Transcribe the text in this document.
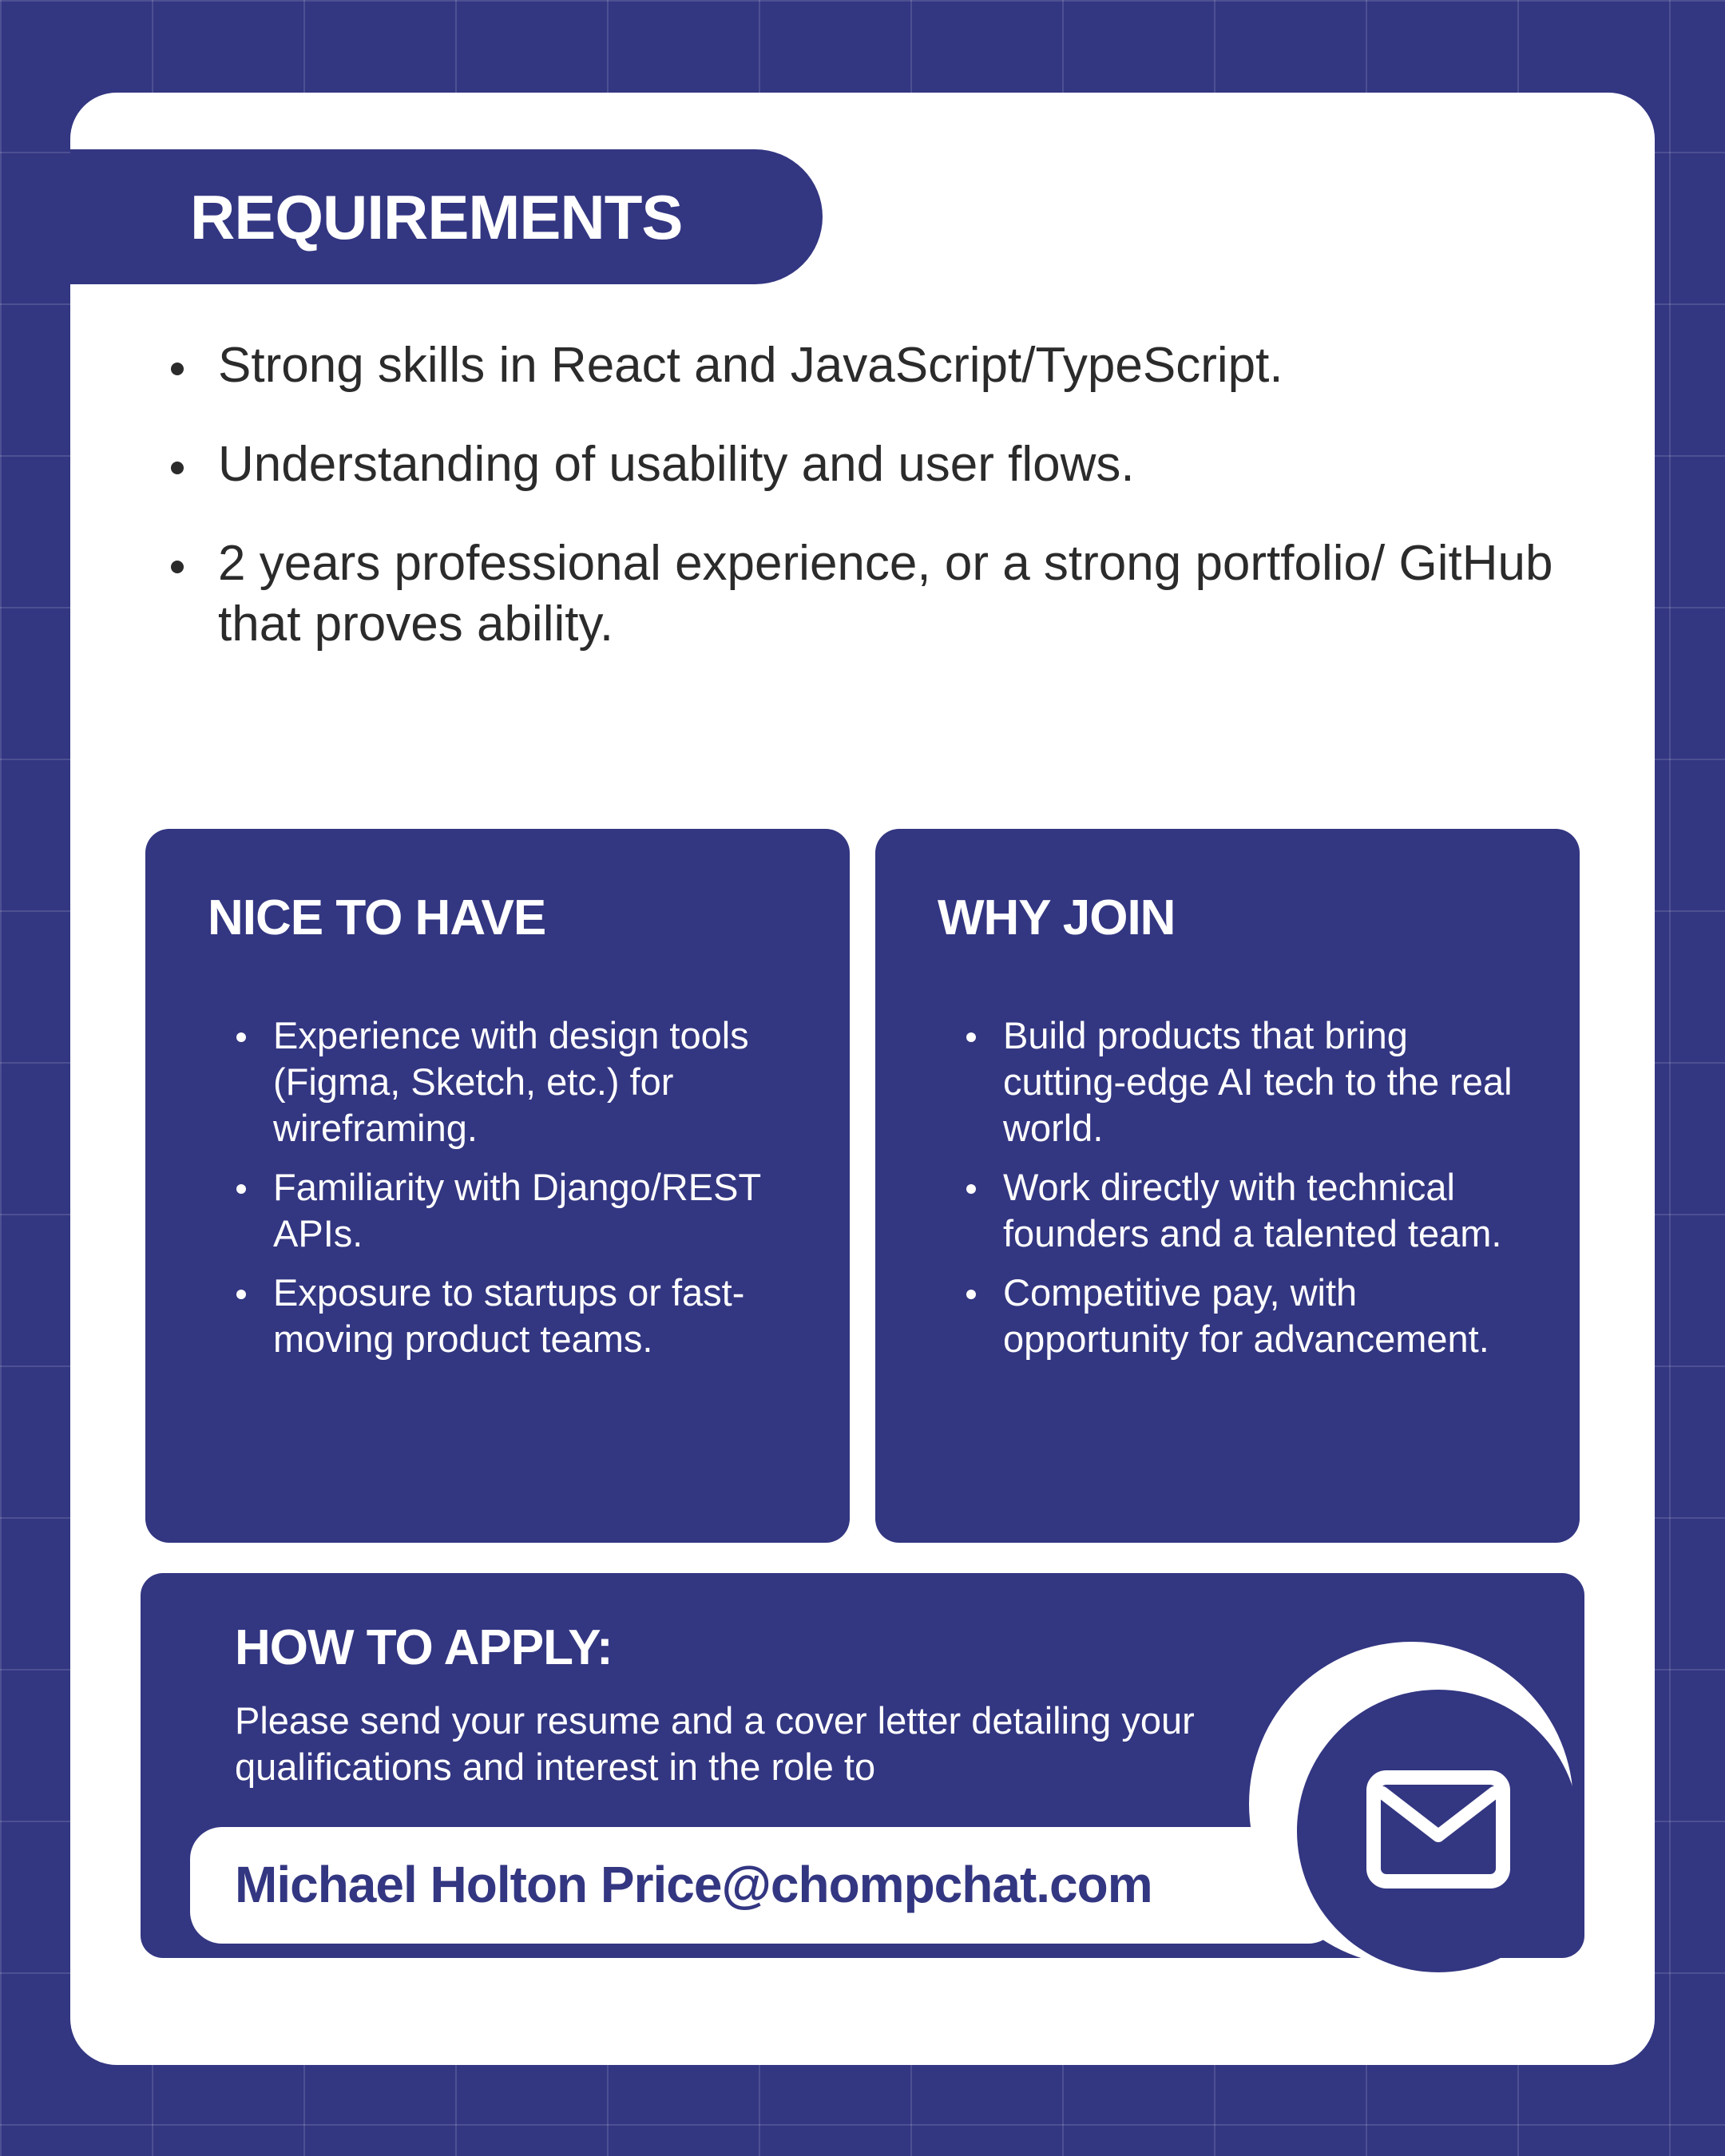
REQUIREMENTS
Strong skills in React and JavaScript/TypeScript.
Understanding of usability and user flows.
2 years professional experience, or a strong portfolio/ GitHub that proves ability.
NICE TO HAVE
Experience with design tools (Figma, Sketch, etc.) for wireframing.
Familiarity with Django/REST APIs.
Exposure to startups or fast-moving product teams.
WHY JOIN
Build products that bring cutting-edge AI tech to the real world.
Work directly with technical founders and a talented team.
Competitive pay, with opportunity for advancement.
HOW TO APPLY:

Please send your resume and a cover letter detailing your qualifications and interest in the role to

Michael Holton Price@chompchat.com
